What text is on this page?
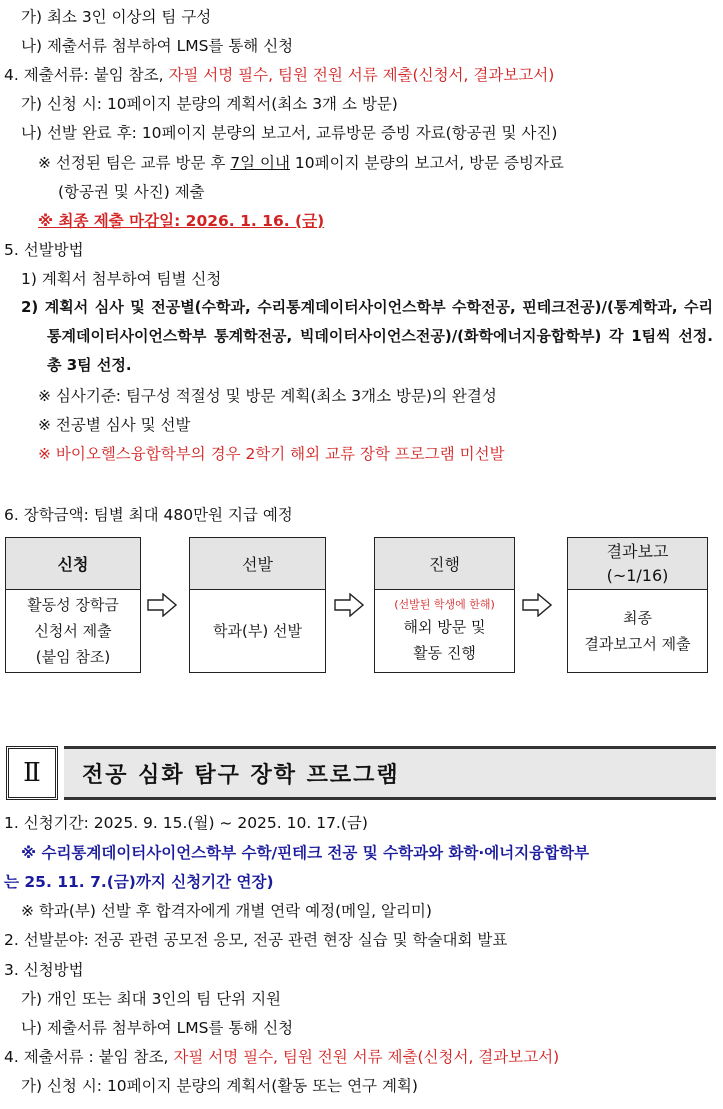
가) 최소 3인 이상의 팀 구성
나) 제출서류 첨부하여 LMS를 통해 신청
4. 제출서류: 붙임 참조, 자필 서명 필수, 팀원 전원 서류 제출(신청서, 결과보고서)
가) 신청 시: 10페이지 분량의 계획서(최소 3개 소 방문)
나) 선발 완료 후: 10페이지 분량의 보고서, 교류방문 증빙 자료(항공권 및 사진)
※ 선정된 팀은 교류 방문 후 7일 이내 10페이지 분량의 보고서, 방문 증빙자료
(항공권 및 사진) 제출
※ 최종 제출 마감일: 2026. 1. 16. (금)
5. 선발방법
1) 계획서 첨부하여 팀별 신청
2) 계획서 심사 및 전공별(수학과, 수리통계데이터사이언스학부 수학전공, 핀테크전공)/(통계학과, 수리통계데이터사이언스학부 통계학전공, 빅데이터사이언스전공)/(화학에너지융합학부) 각 1팀씩 선정. 총 3팀 선정.
※ 심사기준: 팀구성 적절성 및 방문 계획(최소 3개소 방문)의 완결성
※ 전공별 심사 및 선발
※ 바이오헬스융합학부의 경우 2학기 해외 교류 장학 프로그램 미선발
6. 장학금액: 팀별 최대 480만원 지급 예정
신청
활동성 장학금
신청서 제출
(붙임 참조)
선발
학과(부) 선발
진행
(선발된 학생에 한해)
해외 방문 및
활동 진행
결과보고
(~1/16)
최종
결과보고서 제출
Ⅱ	전공 심화 탐구 장학 프로그램
1. 신청기간: 2025. 9. 15.(월) ~ 2025. 10. 17.(금)
※ 수리통계데이터사이언스학부 수학/핀테크 전공 및 수학과와 화학·에너지융합학부
는 25. 11. 7.(금)까지 신청기간 연장)
※ 학과(부) 선발 후 합격자에게 개별 연락 예정(메일, 알리미)
2. 선발분야: 전공 관련 공모전 응모, 전공 관련 현장 실습 및 학술대회 발표
3. 신청방법
가) 개인 또는 최대 3인의 팀 단위 지원
나) 제출서류 첨부하여 LMS를 통해 신청
4. 제출서류 : 붙임 참조, 자필 서명 필수, 팀원 전원 서류 제출(신청서, 결과보고서)
가) 신청 시: 10페이지 분량의 계획서(활동 또는 연구 계획)
